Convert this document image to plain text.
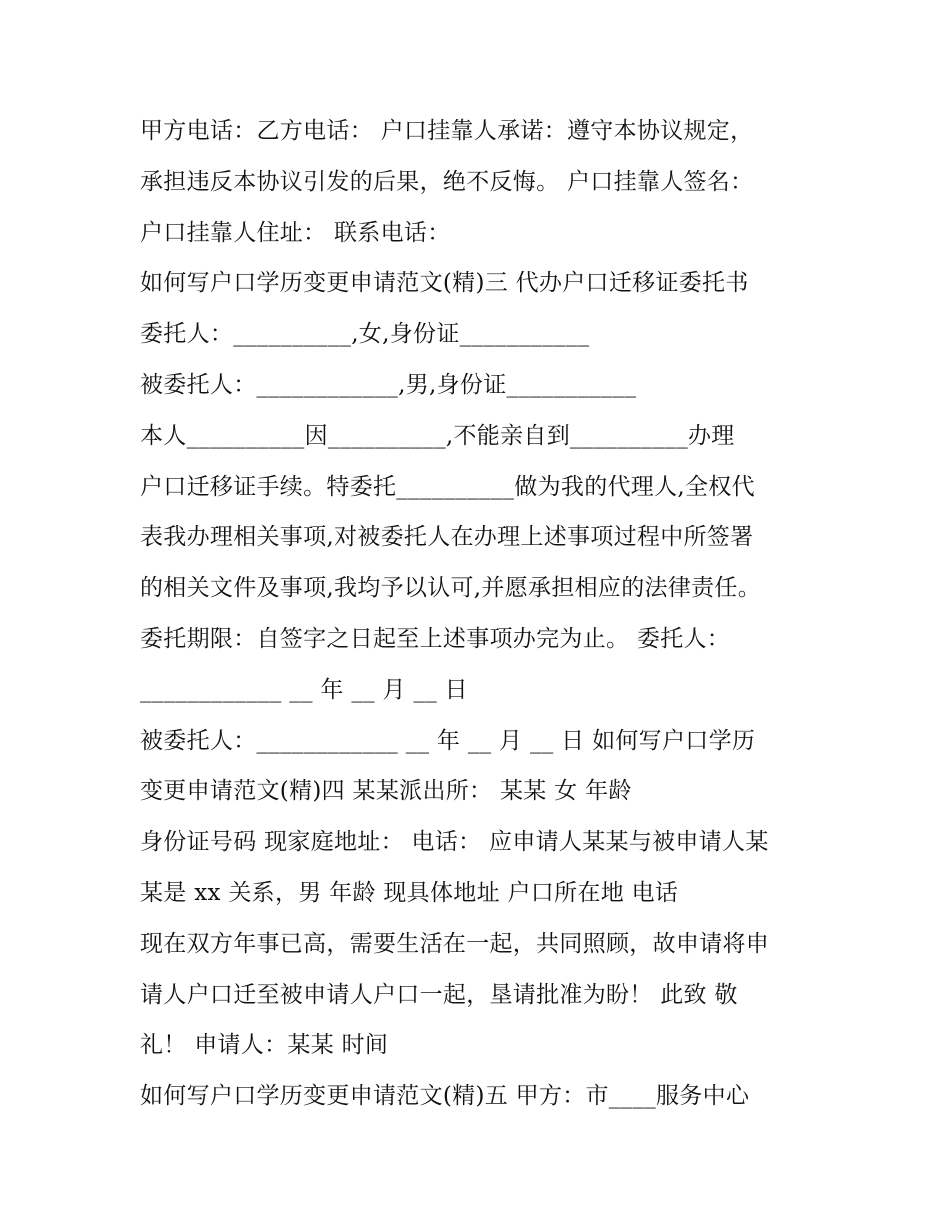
甲方电话：乙方电话： 户口挂靠人承诺：遵守本协议规定，
承担违反本协议引发的后果，绝不反悔。 户口挂靠人签名：
户口挂靠人住址： 联系电话：
如何写户口学历变更申请范文(精)三 代办户口迁移证委托书
委托人：__________,女,身份证___________
被委托人：____________,男,身份证___________
本人__________因__________,不能亲自到__________办理
户口迁移证手续。特委托__________做为我的代理人,全权代
表我办理相关事项,对被委托人在办理上述事项过程中所签署
的相关文件及事项,我均予以认可,并愿承担相应的法律责任。
委托期限：自签字之日起至上述事项办完为止。 委托人：
____________ __ 年 __ 月 __ 日
被委托人：____________ __ 年 __ 月 __ 日 如何写户口学历
变更申请范文(精)四 某某派出所： 某某 女 年龄
身份证号码 现家庭地址： 电话： 应申请人某某与被申请人某
某是 xx 关系，男 年龄 现具体地址 户口所在地 电话
现在双方年事已高，需要生活在一起，共同照顾，故申请将申
请人户口迁至被申请人户口一起，垦请批准为盼！ 此致 敬
礼！ 申请人：某某 时间
如何写户口学历变更申请范文(精)五 甲方：市____服务中心
